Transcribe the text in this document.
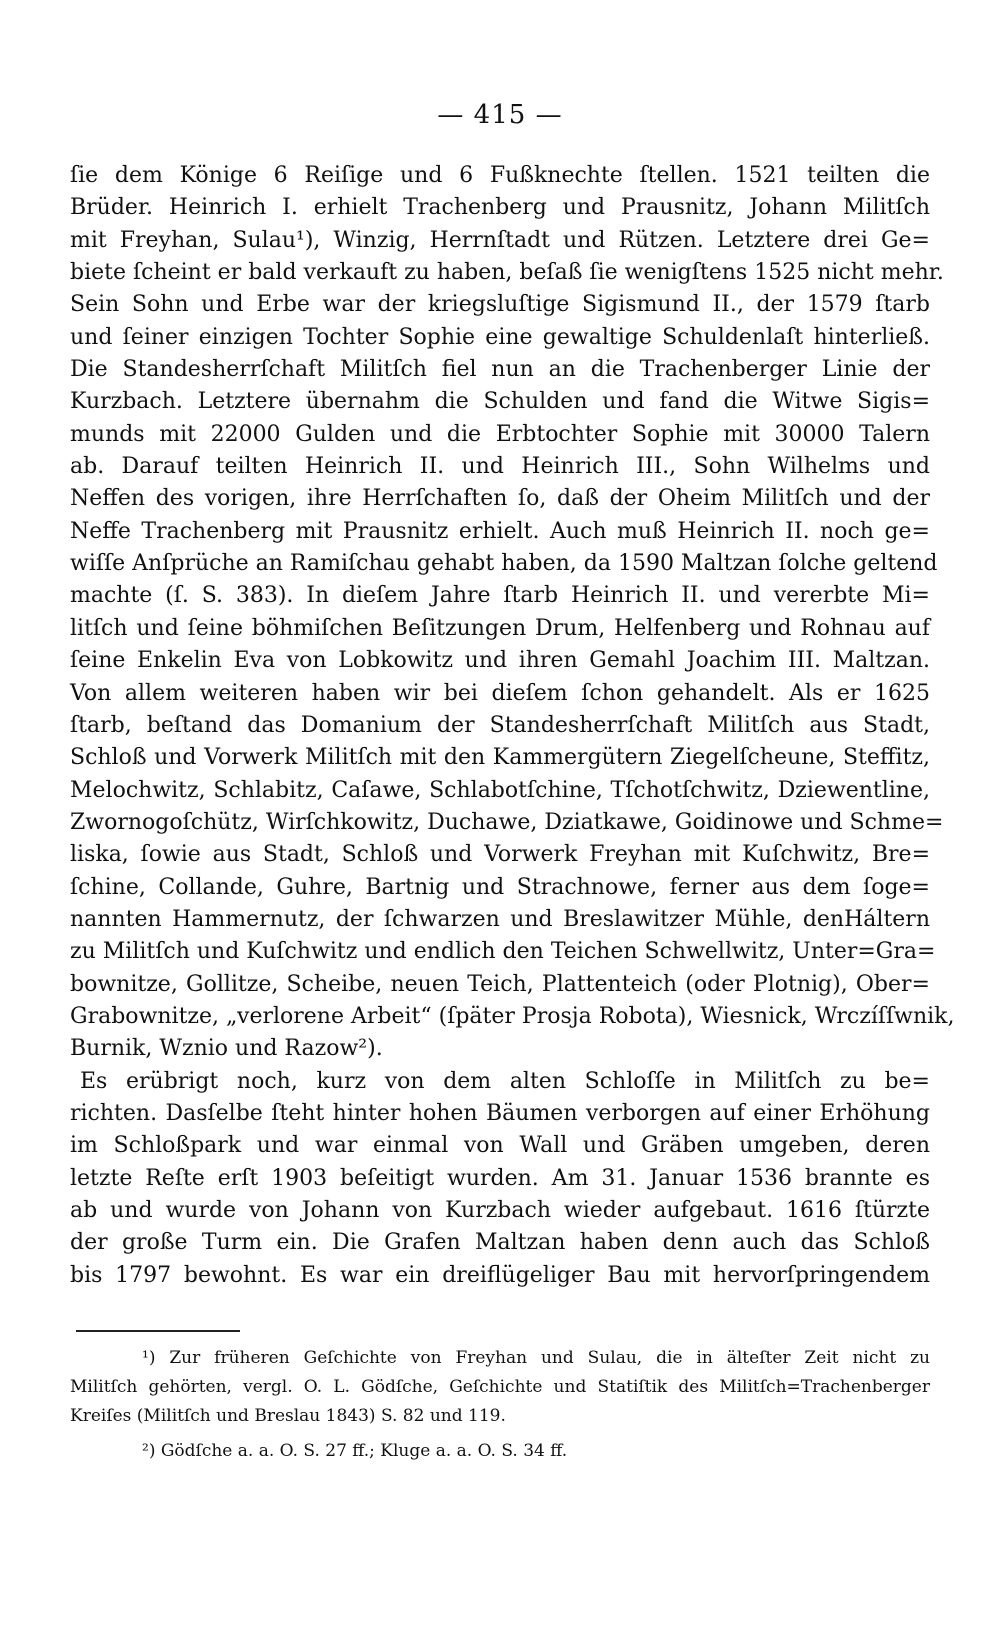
— 415 —
ſie dem Könige 6 Reiſige und 6 Fußknechte ſtellen. 1521 teilten die
Brüder. Heinrich I. erhielt Trachenberg und Prausnitz, Johann Militſch
mit Freyhan, Sulau¹), Winzig, Herrnſtadt und Rützen. Letztere drei Ge=
biete ſcheint er bald verkauft zu haben, beſaß ſie wenigſtens 1525 nicht mehr.
Sein Sohn und Erbe war der kriegsluſtige Sigismund II., der 1579 ſtarb
und ſeiner einzigen Tochter Sophie eine gewaltige Schuldenlaſt hinterließ.
Die Standesherrſchaft Militſch fiel nun an die Trachenberger Linie der
Kurzbach. Letztere übernahm die Schulden und fand die Witwe Sigis=
munds mit 22000 Gulden und die Erbtochter Sophie mit 30000 Talern
ab. Darauf teilten Heinrich II. und Heinrich III., Sohn Wilhelms und
Neffen des vorigen, ihre Herrſchaften ſo, daß der Oheim Militſch und der
Neffe Trachenberg mit Prausnitz erhielt. Auch muß Heinrich II. noch ge=
wiſſe Anſprüche an Ramiſchau gehabt haben, da 1590 Maltzan ſolche geltend
machte (ſ. S. 383). In dieſem Jahre ſtarb Heinrich II. und vererbte Mi=
litſch und ſeine böhmiſchen Beſitzungen Drum, Helfenberg und Rohnau auf
ſeine Enkelin Eva von Lobkowitz und ihren Gemahl Joachim III. Maltzan.
Von allem weiteren haben wir bei dieſem ſchon gehandelt. Als er 1625
ſtarb, beſtand das Domanium der Standesherrſchaft Militſch aus Stadt,
Schloß und Vorwerk Militſch mit den Kammergütern Ziegelſcheune, Steffitz,
Melochwitz, Schlabitz, Caſawe, Schlabotſchine, Tſchotſchwitz, Dziewentline,
Zwornogoſchütz, Wirſchkowitz, Duchawe, Dziatkawe, Goidinowe und Schme=
liska, ſowie aus Stadt, Schloß und Vorwerk Freyhan mit Kuſchwitz, Bre=
ſchine, Collande, Guhre, Bartnig und Strachnowe, ferner aus dem ſoge=
nannten Hammernutz, der ſchwarzen und Breslawitzer Mühle, denHáltern
zu Militſch und Kuſchwitz und endlich den Teichen Schwellwitz, Unter=Gra=
bownitze, Gollitze, Scheibe, neuen Teich, Plattenteich (oder Plotnig), Ober=
Grabownitze, „verlorene Arbeit“ (ſpäter Prosja Robota), Wiesnick, Wrczíſſwnik,
Burnik, Wznio und Razow²).
Es erübrigt noch, kurz von dem alten Schloſſe in Militſch zu be=
richten. Dasſelbe ſteht hinter hohen Bäumen verborgen auf einer Erhöhung
im Schloßpark und war einmal von Wall und Gräben umgeben, deren
letzte Reſte erſt 1903 beſeitigt wurden. Am 31. Januar 1536 brannte es
ab und wurde von Johann von Kurzbach wieder aufgebaut. 1616 ſtürzte
der große Turm ein. Die Grafen Maltzan haben denn auch das Schloß
bis 1797 bewohnt. Es war ein dreiflügeliger Bau mit hervorſpringendem
¹) Zur früheren Geſchichte von Freyhan und Sulau, die in älteſter Zeit nicht zu
Militſch gehörten, vergl. O. L. Gödſche, Geſchichte und Statiſtik des Militſch=Trachenberger
Kreiſes (Militſch und Breslau 1843) S. 82 und 119.
²) Gödſche a. a. O. S. 27 ff.; Kluge a. a. O. S. 34 ff.
